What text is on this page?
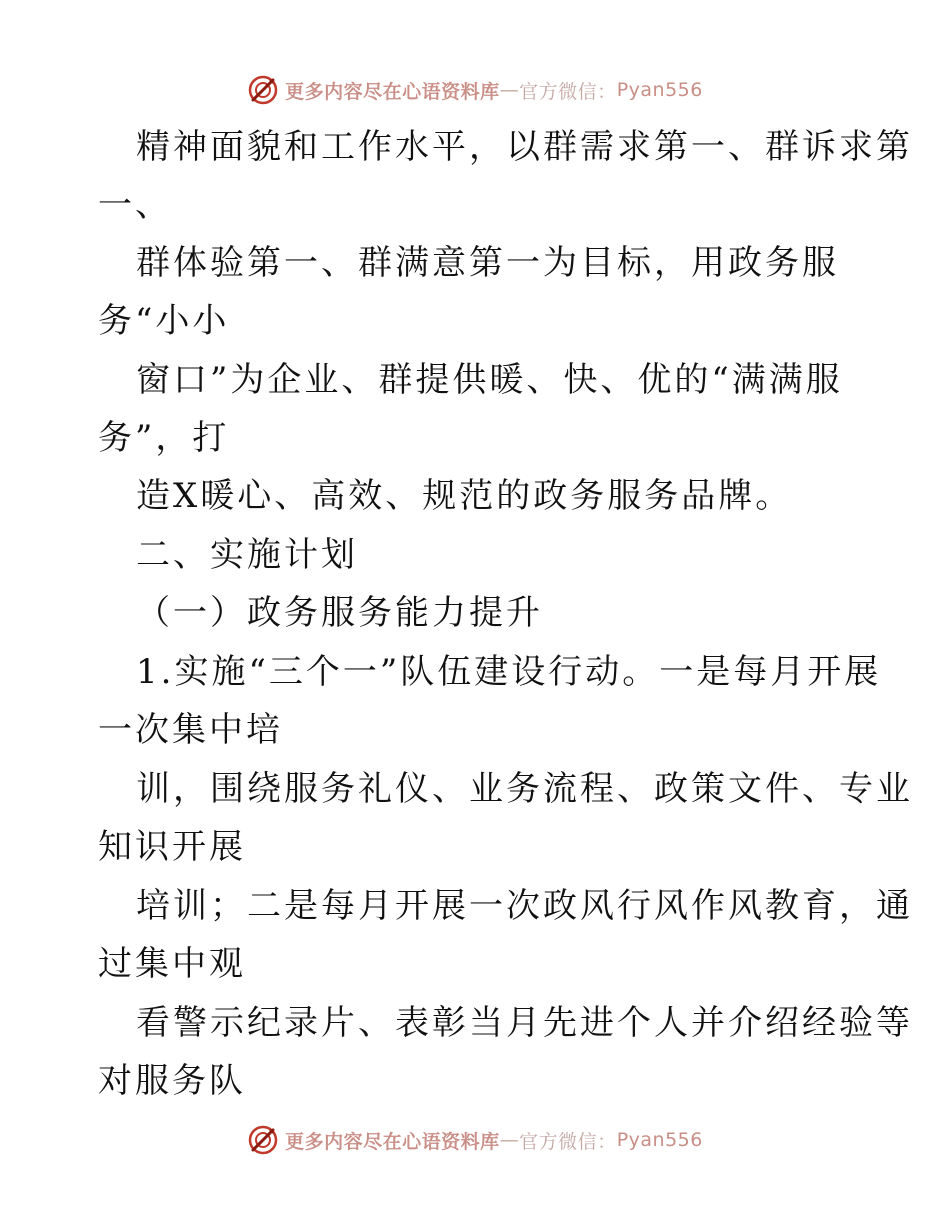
更多内容尽在心语资料库 — 官方微信： Pyan556
精神面貌和工作水平，以群需求第一、群诉求第
一、
群体验第一、群满意第一为目标，用政务服
务“小小
窗口”为企业、群提供暖、快、优的“满满服
务”，打
造X暖心、高效、规范的政务服务品牌。
二、实施计划
（一）政务服务能力提升
1.实施“三个一”队伍建设行动。一是每月开展
一次集中培
训，围绕服务礼仪、业务流程、政策文件、专业
知识开展
培训；二是每月开展一次政风行风作风教育，通
过集中观
看警示纪录片、表彰当月先进个人并介绍经验等
对服务队
更多内容尽在心语资料库 — 官方微信： Pyan556
